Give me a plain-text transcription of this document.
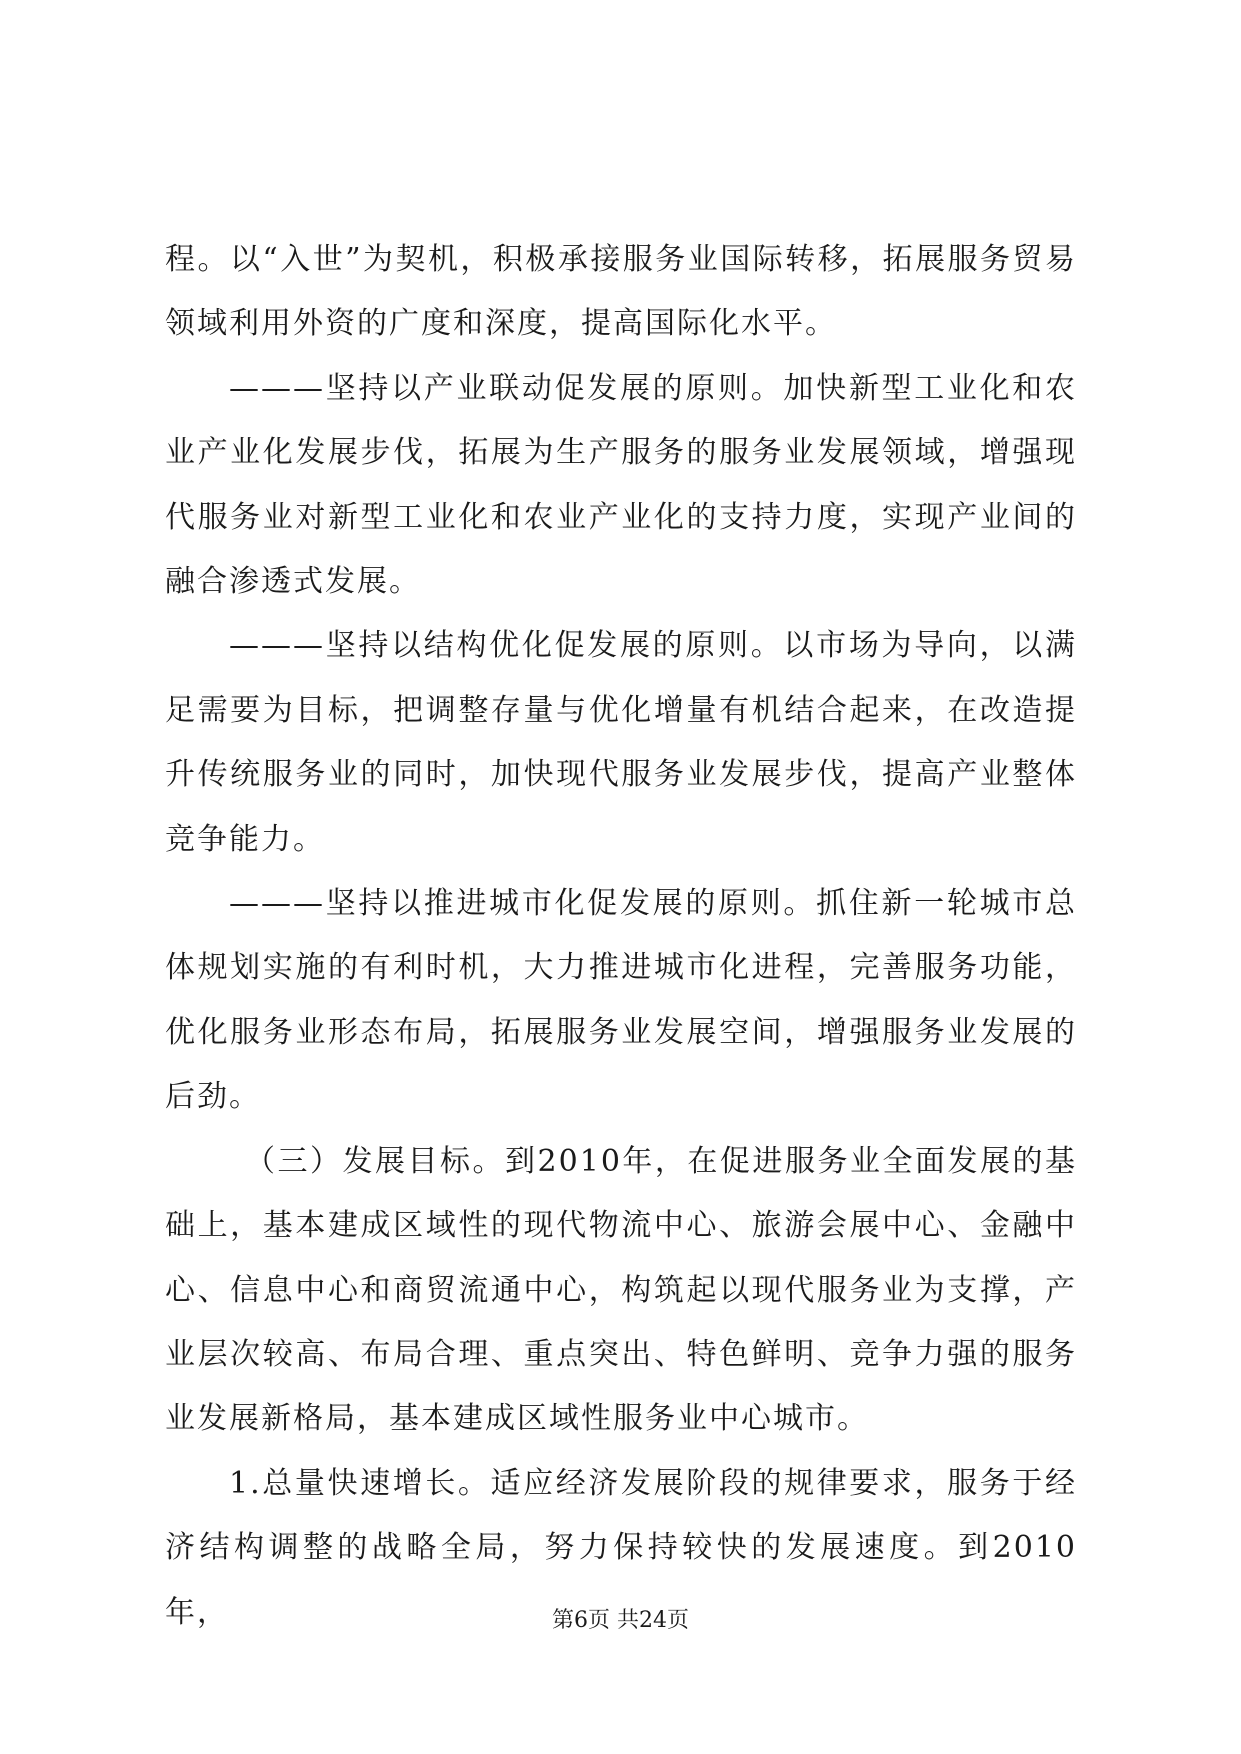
程。以“入世”为契机，积极承接服务业国际转移，拓展服务贸易领域利用外资的广度和深度，提高国际化水平。

———坚持以产业联动促发展的原则。加快新型工业化和农业产业化发展步伐，拓展为生产服务的服务业发展领域，增强现代服务业对新型工业化和农业产业化的支持力度，实现产业间的融合渗透式发展。

———坚持以结构优化促发展的原则。以市场为导向，以满足需要为目标，把调整存量与优化增量有机结合起来，在改造提升传统服务业的同时，加快现代服务业发展步伐，提高产业整体竞争能力。

———坚持以推进城市化促发展的原则。抓住新一轮城市总体规划实施的有利时机，大力推进城市化进程，完善服务功能，优化服务业形态布局，拓展服务业发展空间，增强服务业发展的后劲。

（三）发展目标。到2010年，在促进服务业全面发展的基础上，基本建成区域性的现代物流中心、旅游会展中心、金融中心、信息中心和商贸流通中心，构筑起以现代服务业为支撑，产业层次较高、布局合理、重点突出、特色鲜明、竞争力强的服务业发展新格局，基本建成区域性服务业中心城市。

1.总量快速增长。适应经济发展阶段的规律要求，服务于经济结构调整的战略全局，努力保持较快的发展速度。到2010年，	第6页 共24页
